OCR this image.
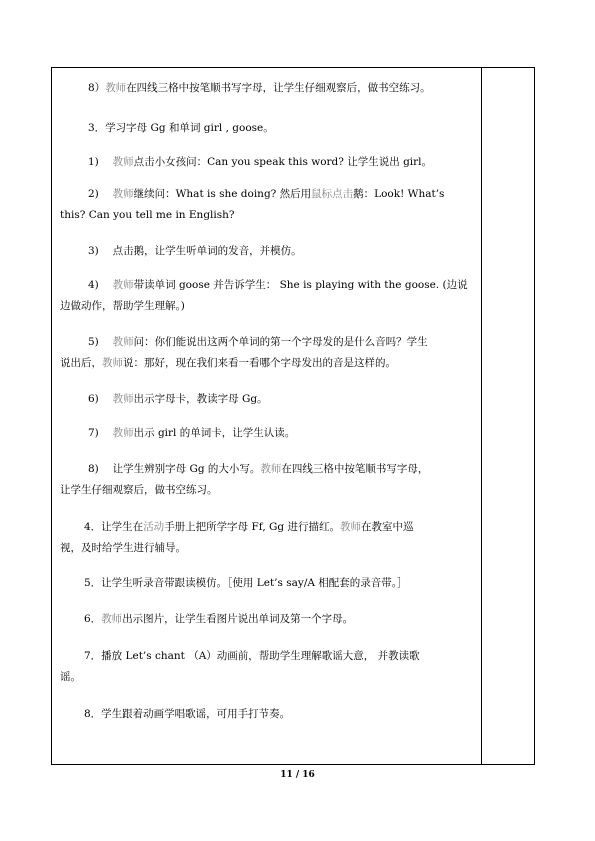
8）教师在四线三格中按笔顺书写字母，让学生仔细观察后，做书空练习。
3．学习字母 Gg 和单词 girl , goose。
1)　 教师点击小女孩问：Can you speak this word? 让学生说出 girl。
2)　 教师继续问：What is she doing? 然后用鼠标点击鹅：Look! What’s
this? Can you tell me in English?
3)　 点击鹅，让学生听单词的发音，并模仿。
4)　 教师带读单词 goose 并告诉学生： She is playing with the goose. (边说
边做动作，帮助学生理解。)
5)　 教师问：你们能说出这两个单词的第一个字母发的是什么音吗？学生
说出后，教师说：那好，现在我们来看一看哪个字母发出的音是这样的。
6)　 教师出示字母卡，教读字母 Gg。
7)　 教师出示 girl 的单词卡，让学生认读。
8)　 让学生辨别字母 Gg 的大小写。教师在四线三格中按笔顺书写字母，
让学生仔细观察后，做书空练习。
4．让学生在活动手册上把所学字母 Ff, Gg 进行描红。教师在教室中巡
视，及时给学生进行辅导。
5．让学生听录音带跟读模仿。［使用 Let’s say/A 相配套的录音带。］
6．教师出示图片，让学生看图片说出单词及第一个字母。
7．播放 Let’s chant （A）动画前，帮助学生理解歌谣大意， 并教读歌
谣。
8．学生跟着动画学唱歌谣，可用手打节奏。
11 / 16
